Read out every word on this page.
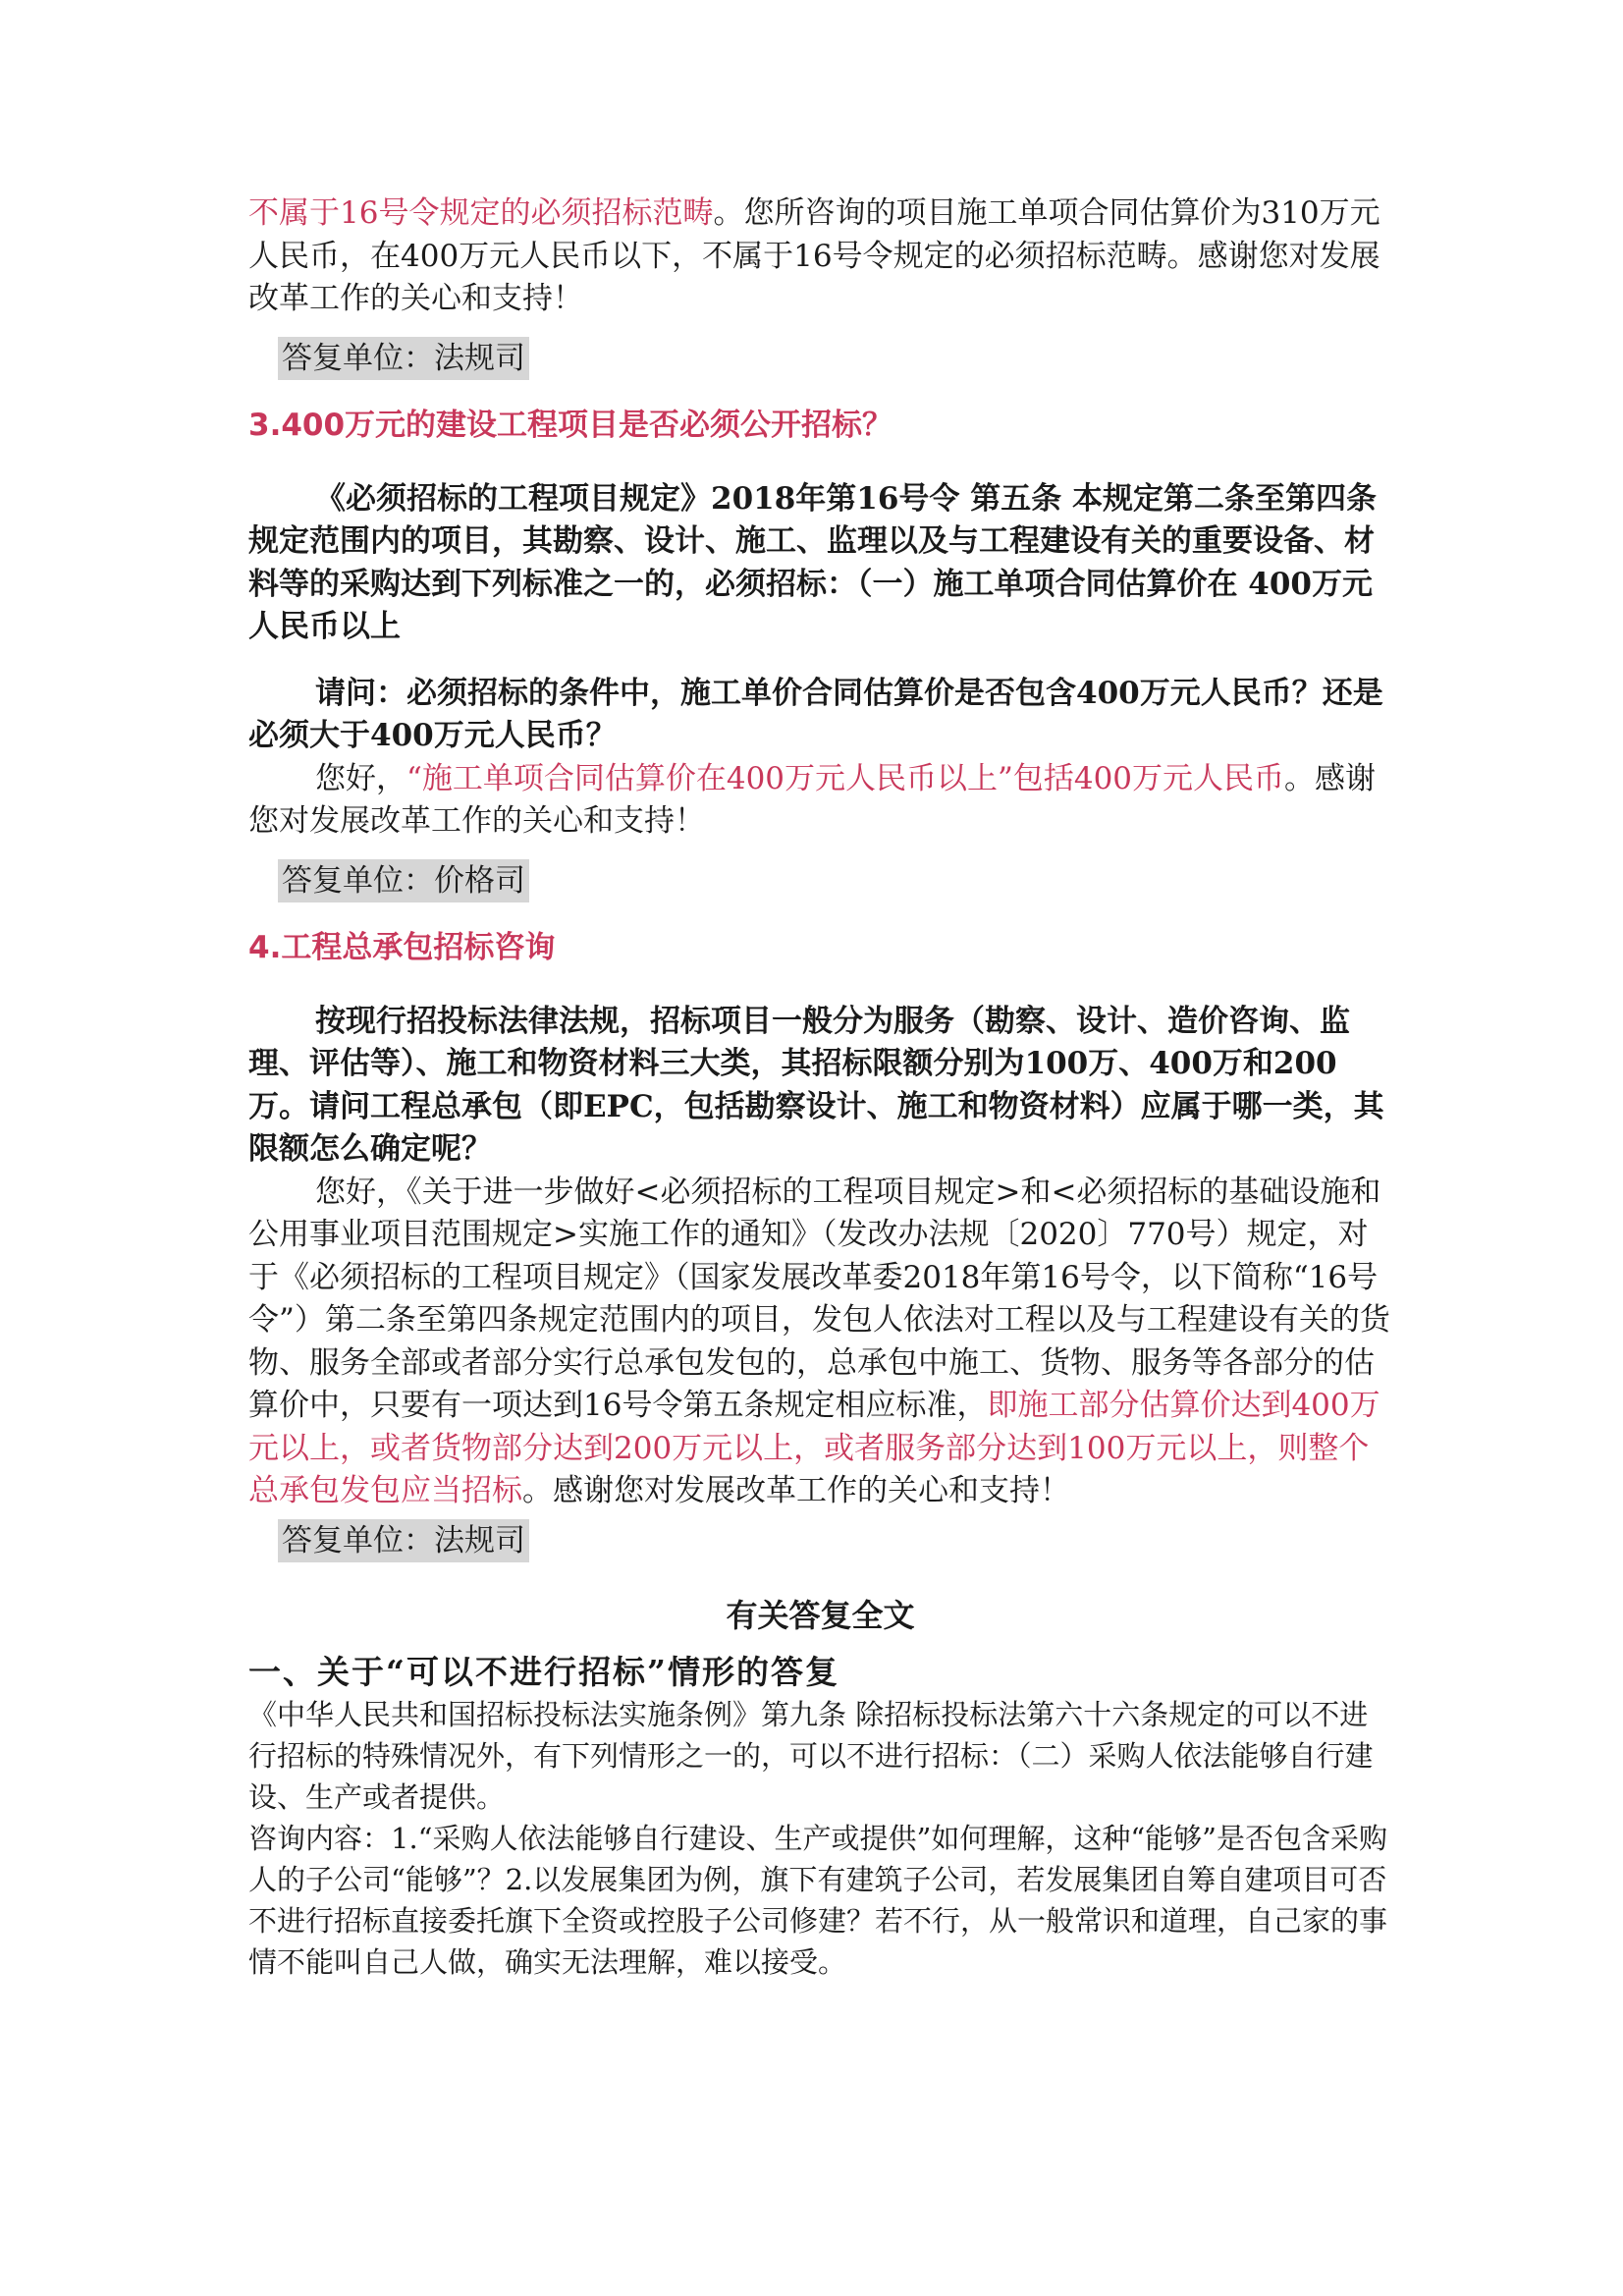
不属于16号令规定的必须招标范畴。您所咨询的项目施工单项合同估算价为310万元人民币，在400万元人民币以下，不属于16号令规定的必须招标范畴。感谢您对发展改革工作的关心和支持！

答复单位：法规司

3.400万元的建设工程项目是否必须公开招标？

《必须招标的工程项目规定》2018年第16号令 第五条 本规定第二条至第四条规定范围内的项目，其勘察、设计、施工、监理以及与工程建设有关的重要设备、材料等的采购达到下列标准之一的，必须招标：（一）施工单项合同估算价在 400万元人民币以上

请问：必须招标的条件中，施工单价合同估算价是否包含400万元人民币？还是必须大于400万元人民币？

您好，“施工单项合同估算价在400万元人民币以上”包括400万元人民币。感谢您对发展改革工作的关心和支持！

答复单位：价格司

4.工程总承包招标咨询

按现行招投标法律法规，招标项目一般分为服务（勘察、设计、造价咨询、监理、评估等）、施工和物资材料三大类，其招标限额分别为100万、400万和200万。请问工程总承包（即EPC，包括勘察设计、施工和物资材料）应属于哪一类，其限额怎么确定呢？

您好，《关于进一步做好<必须招标的工程项目规定>和<必须招标的基础设施和公用事业项目范围规定>实施工作的通知》（发改办法规〔2020〕770号）规定，对于《必须招标的工程项目规定》（国家发展改革委2018年第16号令，以下简称“16号令”）第二条至第四条规定范围内的项目，发包人依法对工程以及与工程建设有关的货物、服务全部或者部分实行总承包发包的，总承包中施工、货物、服务等各部分的估算价中，只要有一项达到16号令第五条规定相应标准，即施工部分估算价达到400万元以上，或者货物部分达到200万元以上，或者服务部分达到100万元以上，则整个总承包发包应当招标。感谢您对发展改革工作的关心和支持！

答复单位：法规司

有关答复全文

一、关于“可以不进行招标”情形的答复

《中华人民共和国招标投标法实施条例》第九条 除招标投标法第六十六条规定的可以不进行招标的特殊情况外，有下列情形之一的，可以不进行招标：（二）采购人依法能够自行建设、生产或者提供。

咨询内容：1.“采购人依法能够自行建设、生产或提供”如何理解，这种“能够”是否包含采购人的子公司“能够”？2.以发展集团为例，旗下有建筑子公司，若发展集团自筹自建项目可否不进行招标直接委托旗下全资或控股子公司修建？若不行，从一般常识和道理，自己家的事情不能叫自己人做，确实无法理解，难以接受。
